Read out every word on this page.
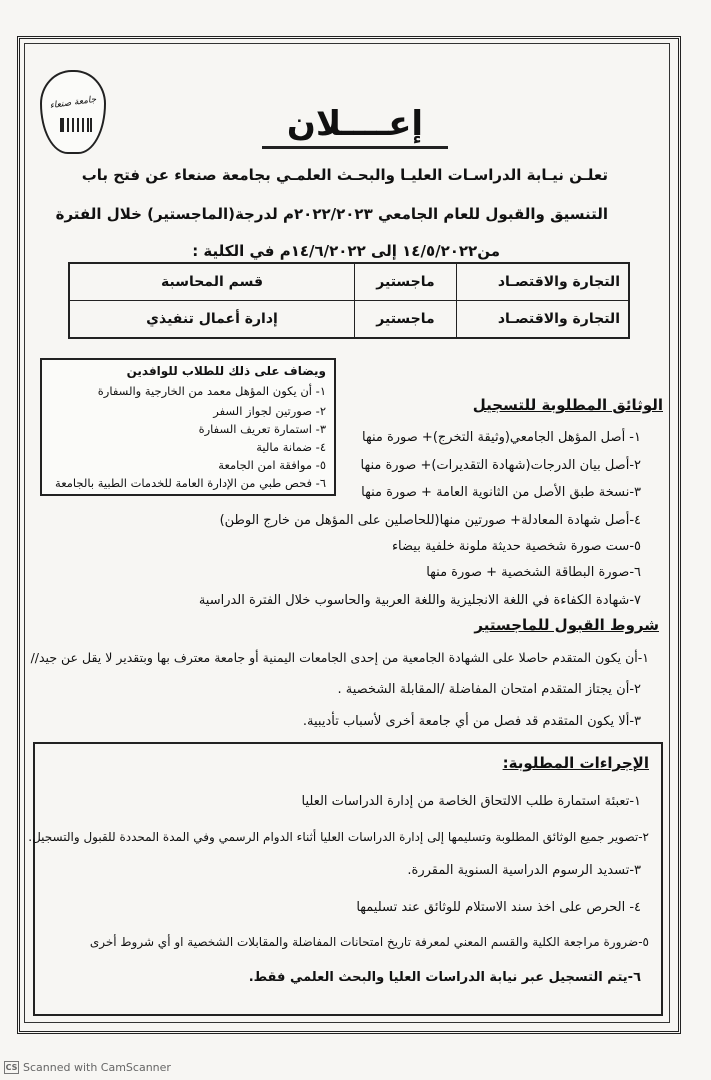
جامعة صنعاء
إعــــلان
تعلـن نيـابة الدراسـات العليـا والبحـث العلمـي بجامعة صنعاء عن فتح باب
التنسيق والقبول للعام الجامعي ٢٠٢٢/٢٠٢٣م لدرجة(الماجستير) خلال الفترة
من١٤/٥/٢٠٢٢ إلى ١٤/٦/٢٠٢٢م في الكلية :
التجارة والاقتصـاد	ماجستير	قسم المحاسبة
التجارة والاقتصـاد	ماجستير	إدارة أعمال تنفيذي
ويضاف على ذلك للطلاب للوافدين
١- أن يكون المؤهل معمد من الخارجية والسفارة
٢- صورتين لجواز السفر
٣- استمارة تعريف السفارة
٤- ضمانة مالية
٥- موافقة امن الجامعة
٦- فحص طبي من الإدارة العامة للخدمات الطبية بالجامعة
الوثائق المطلوبة للتسجيل
١- أصل المؤهل الجامعي(وثيقة التخرج)+ صورة منها
٢-أصل بيان الدرجات(شهادة التقديرات)+ صورة منها
٣-نسخة طبق الأصل من الثانوية العامة + صورة منها
٤-أصل شهادة المعادلة+ صورتين منها(للحاصلين على المؤهل من خارج الوطن)
٥-ست صورة شخصية حديثة ملونة خلفية بيضاء
٦-صورة البطاقة الشخصية + صورة منها
٧-شهادة الكفاءة في اللغة الانجليزية واللغة العربية والحاسوب خلال الفترة الدراسية
شروط القبول للماجستير
١-أن يكون المتقدم حاصلا على الشهادة الجامعية من إحدى الجامعات اليمنية أو جامعة معترف بها وبتقدير لا يقل عن جيد//
٢-أن يجتاز المتقدم امتحان المفاضلة /المقابلة الشخصية .
٣-ألا يكون المتقدم قد فصل من أي جامعة أخرى لأسباب تأديبية.
الإجراءات المطلوبة:
١-تعبئة استمارة طلب الالتحاق الخاصة من إدارة الدراسات العليا
٢-تصوير جميع الوثائق المطلوبة وتسليمها إلى إدارة الدراسات العليا أثناء الدوام الرسمي وفي المدة المحددة للقبول والتسجيل.
٣-تسديد الرسوم الدراسية السنوية المقررة.
٤- الحرص على اخذ سند الاستلام للوثائق عند تسليمها
٥-ضرورة مراجعة الكلية والقسم المعني لمعرفة تاريخ امتحانات المفاضلة والمقابلات الشخصية او أي شروط أخرى
٦-يتم التسجيل عبر نيابة الدراسات العليا والبحث العلمي فقط.
CS Scanned with CamScanner
